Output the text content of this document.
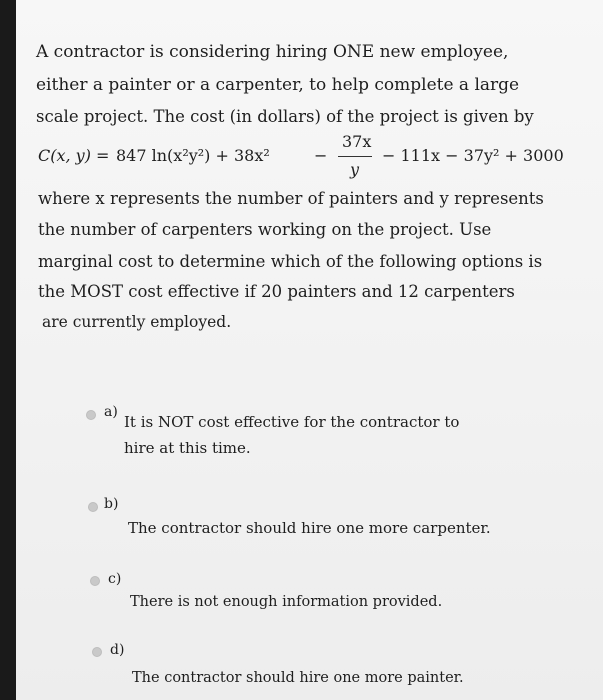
A contractor is considering hiring ONE new employee,
either a painter or a carpenter, to help complete a large
scale project. The cost (in dollars) of the project is given by
C(x, y) = 847 ln(x²y²) + 38x²	−
37x
y
− 111x − 37y² + 3000
where x represents the number of painters and y represents
the number of carpenters working on the project. Use
marginal cost to determine which of the following options is
the MOST cost effective if 20 painters and 12 carpenters
are currently employed.
a)
It is NOT cost effective for the contractor to
hire at this time.
b)
The contractor should hire one more carpenter.
c)
There is not enough information provided.
d)
The contractor should hire one more painter.
